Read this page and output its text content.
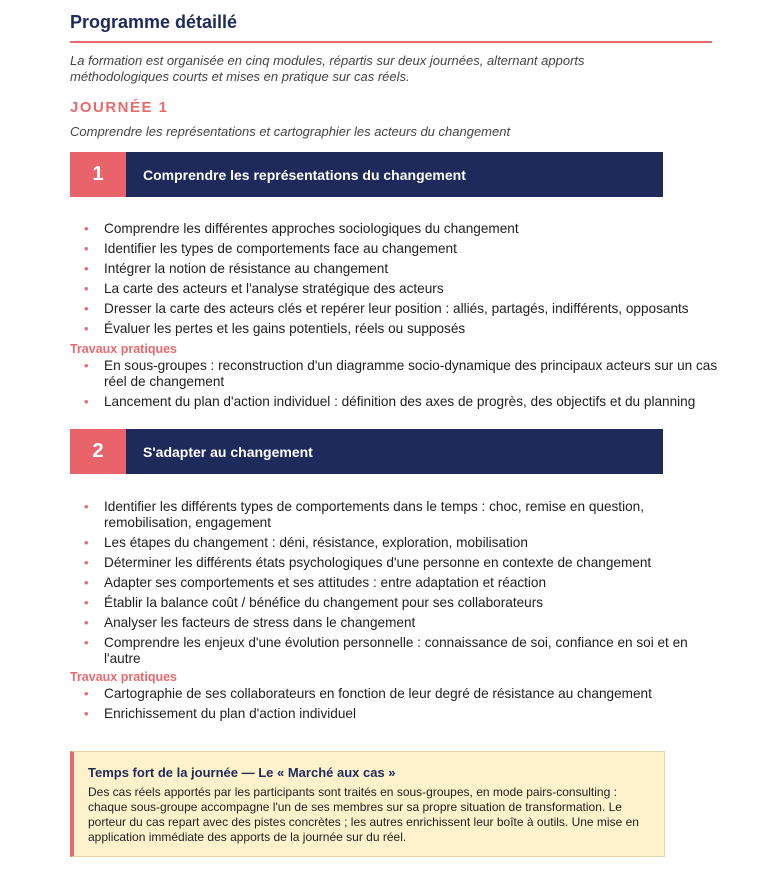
Programme détaillé
La formation est organisée en cinq modules, répartis sur deux journées, alternant apports méthodologiques courts et mises en pratique sur cas réels.
JOURNÉE 1
Comprendre les représentations et cartographier les acteurs du changement
1	Comprendre les représentations du changement
• Comprendre les différentes approches sociologiques du changement
• Identifier les types de comportements face au changement
• Intégrer la notion de résistance au changement
• La carte des acteurs et l'analyse stratégique des acteurs
• Dresser la carte des acteurs clés et repérer leur position : alliés, partagés, indifférents, opposants
• Évaluer les pertes et les gains potentiels, réels ou supposés
Travaux pratiques
• En sous-groupes : reconstruction d'un diagramme socio-dynamique des principaux acteurs sur un cas réel de changement
• Lancement du plan d'action individuel : définition des axes de progrès, des objectifs et du planning
2	S'adapter au changement
• Identifier les différents types de comportements dans le temps : choc, remise en question, remobilisation, engagement
• Les étapes du changement : déni, résistance, exploration, mobilisation
• Déterminer les différents états psychologiques d'une personne en contexte de changement
• Adapter ses comportements et ses attitudes : entre adaptation et réaction
• Établir la balance coût / bénéfice du changement pour ses collaborateurs
• Analyser les facteurs de stress dans le changement
• Comprendre les enjeux d'une évolution personnelle : connaissance de soi, confiance en soi et en l'autre
Travaux pratiques
• Cartographie de ses collaborateurs en fonction de leur degré de résistance au changement
• Enrichissement du plan d'action individuel
Temps fort de la journée — Le « Marché aux cas »
Des cas réels apportés par les participants sont traités en sous-groupes, en mode pairs-consulting : chaque sous-groupe accompagne l'un de ses membres sur sa propre situation de transformation. Le porteur du cas repart avec des pistes concrètes ; les autres enrichissent leur boîte à outils. Une mise en application immédiate des apports de la journée sur du réel.
